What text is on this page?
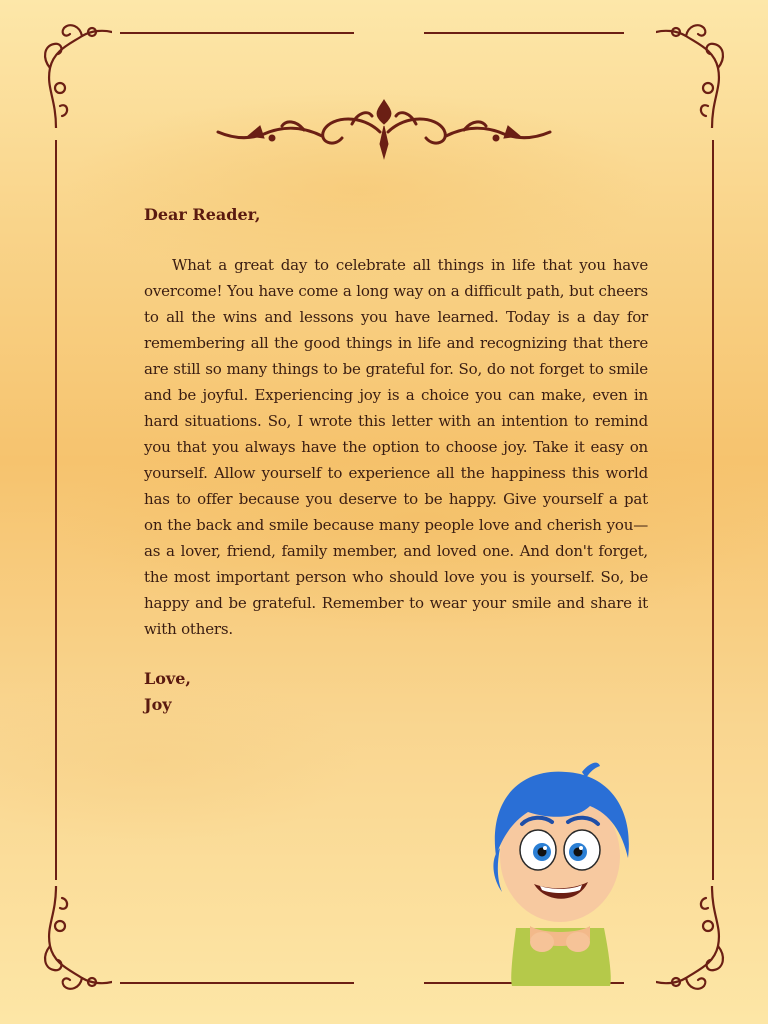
Dear Reader,
What a great day to celebrate all things in life that you have overcome! You have come a long way on a difficult path, but cheers to all the wins and lessons you have learned. Today is a day for remembering all the good things in life and recognizing that there are still so many things to be grateful for. So, do not forget to smile and be joyful. Experiencing joy is a choice you can make, even in hard situations. So, I wrote this letter with an intention to remind you that you always have the option to choose joy. Take it easy on yourself. Allow yourself to experience all the happiness this world has to offer because you deserve to be happy. Give yourself a pat on the back and smile because many people love and cherish you—as a lover, friend, family member, and loved one. And don't forget, the most important person who should love you is yourself. So, be happy and be grateful. Remember to wear your smile and share it with others.
Love,
Joy
